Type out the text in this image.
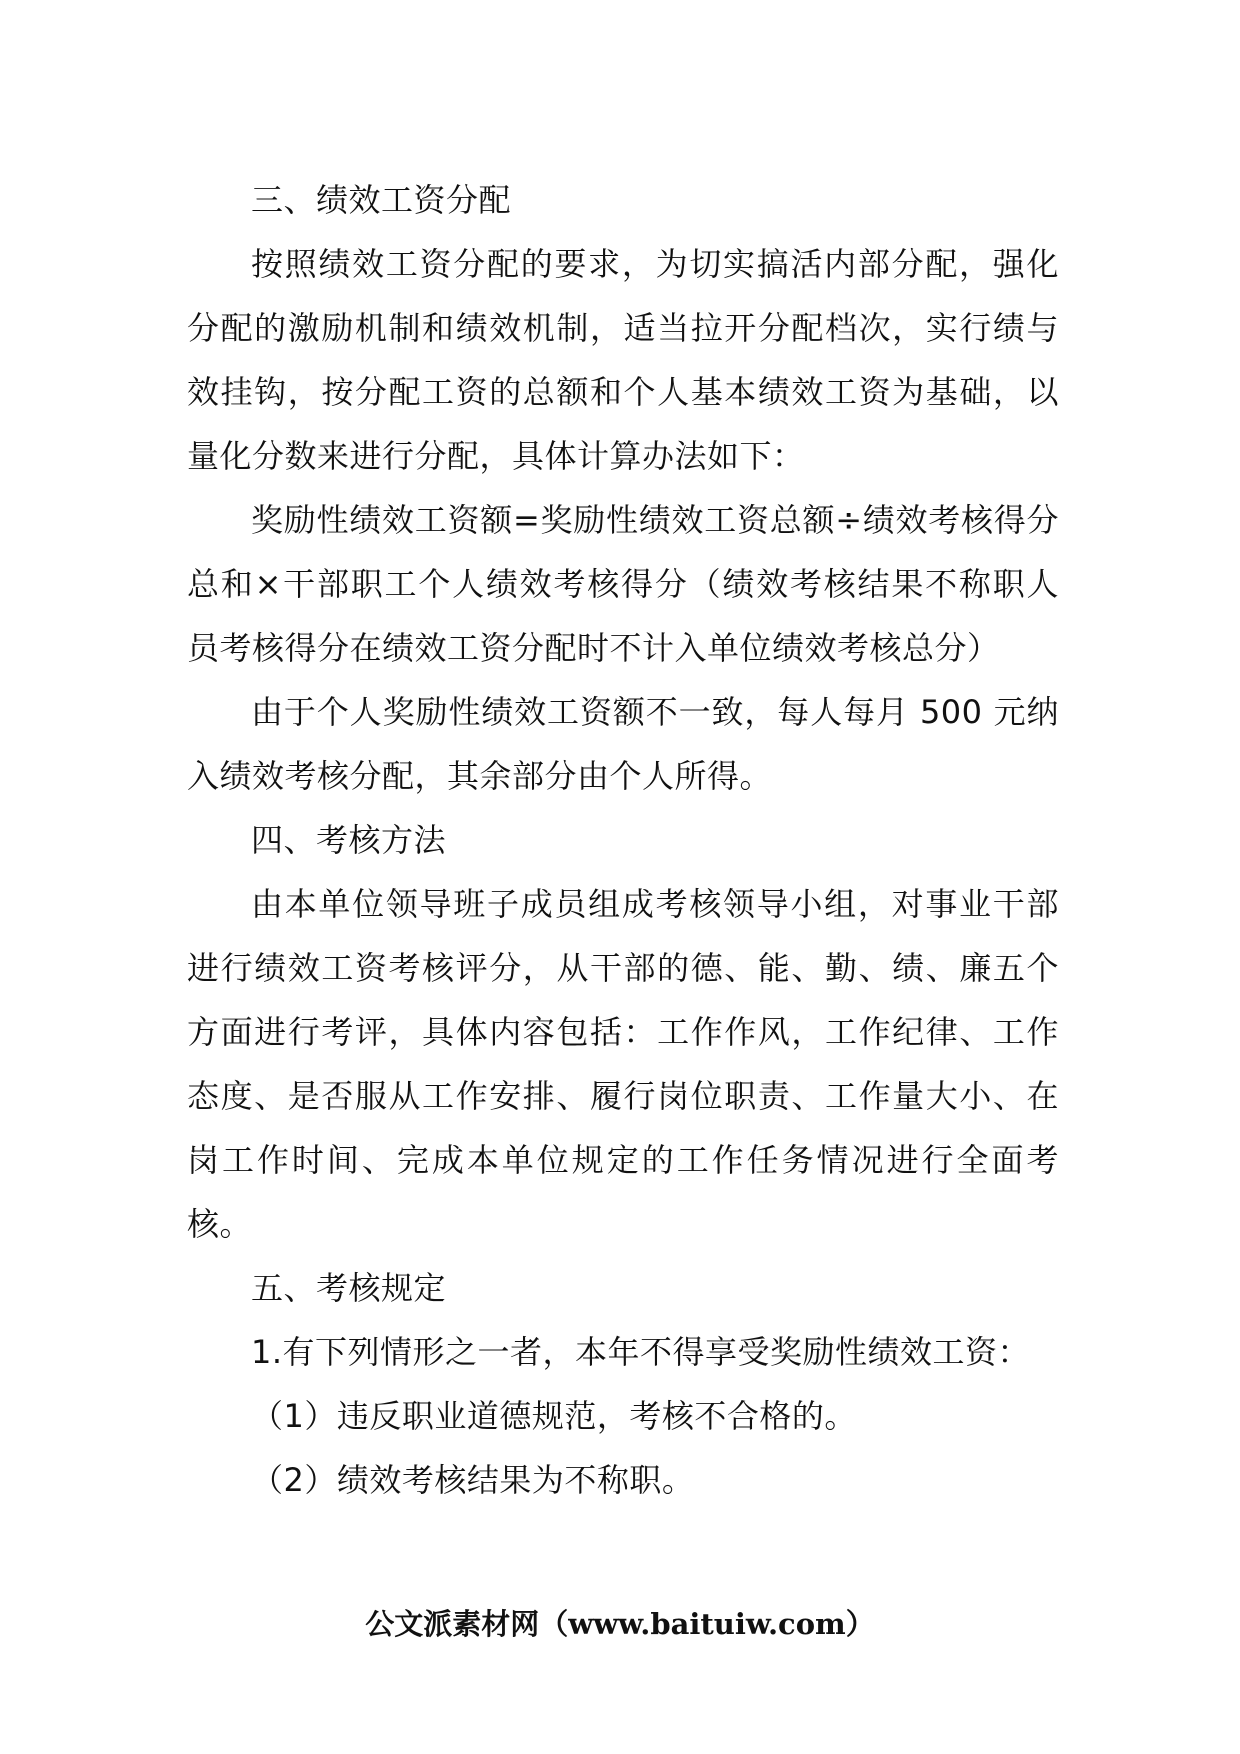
三、绩效工资分配

按照绩效工资分配的要求，为切实搞活内部分配，强化分配的激励机制和绩效机制，适当拉开分配档次，实行绩与效挂钩，按分配工资的总额和个人基本绩效工资为基础，以量化分数来进行分配，具体计算办法如下：

奖励性绩效工资额=奖励性绩效工资总额÷绩效考核得分总和×干部职工个人绩效考核得分（绩效考核结果不称职人员考核得分在绩效工资分配时不计入单位绩效考核总分）

由于个人奖励性绩效工资额不一致，每人每月 500 元纳入绩效考核分配，其余部分由个人所得。

四、考核方法

由本单位领导班子成员组成考核领导小组，对事业干部进行绩效工资考核评分，从干部的德、能、勤、绩、廉五个方面进行考评，具体内容包括：工作作风，工作纪律、工作态度、是否服从工作安排、履行岗位职责、工作量大小、在岗工作时间、完成本单位规定的工作任务情况进行全面考核。

五、考核规定

1.有下列情形之一者，本年不得享受奖励性绩效工资：

（1）违反职业道德规范，考核不合格的。

（2）绩效考核结果为不称职。

公文派素材网（www.baituiw.com）
